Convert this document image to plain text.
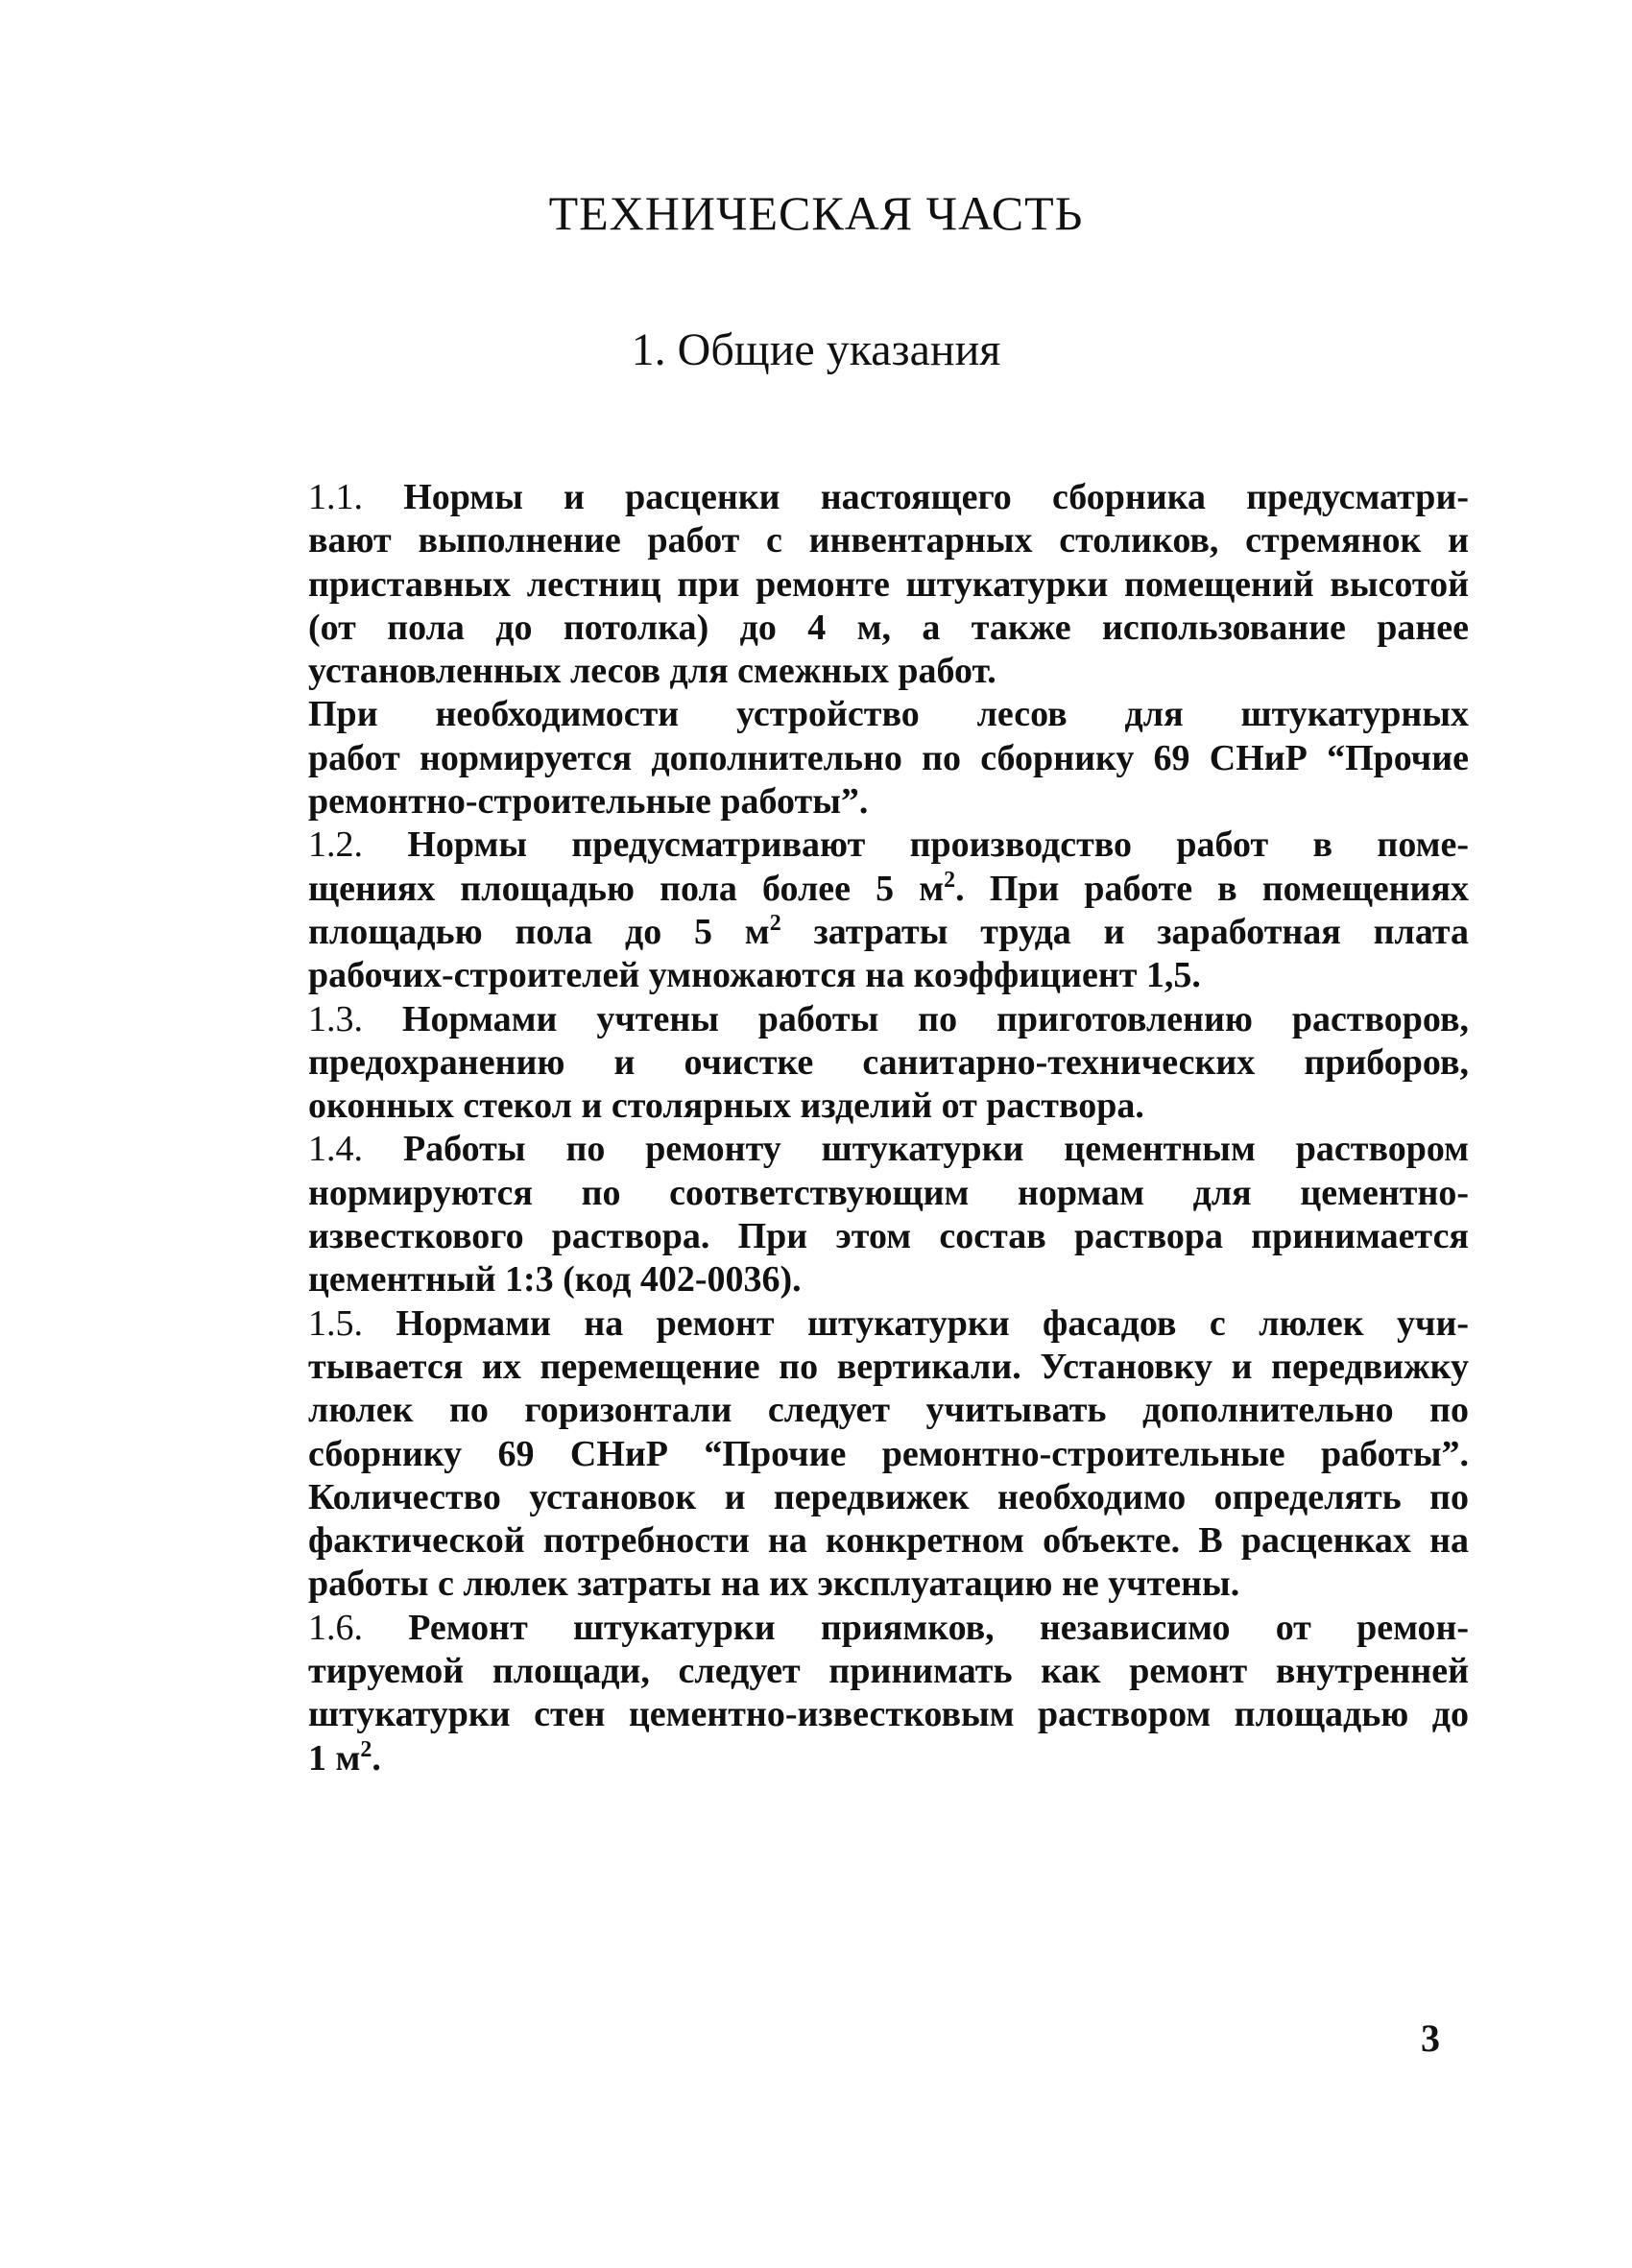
ТЕХНИЧЕСКАЯ ЧАСТЬ
1. Общие указания

1.1. Нормы и расценки настоящего сборника предусматри-
вают выполнение работ с инвентарных столиков, стремянок и
приставных лестниц при ремонте штукатурки помещений высотой
(от пола до потолка) до 4 м, а также использование ранее
установленных лесов для смежных работ.

При необходимости устройство лесов для штукатурных
работ нормируется дополнительно по сборнику 69 СНиР “Прочие
ремонтно-строительные работы”.

1.2. Нормы предусматривают производство работ в поме-
щениях площадью пола более 5 $м^2$. При работе в помещениях
площадью пола до 5 $м^2$ затраты труда и заработная плата
рабочих-строителей умножаются на коэффициент 1,5.

1.3. Нормами учтены работы по приготовлению растворов,
предохранению и очистке санитарно-технических приборов,
оконных стекол и столярных изделий от раствора.

1.4. Работы по ремонту штукатурки цементным раствором
нормируются по соответствующим нормам для цементно-
известкового раствора. При этом состав раствора принимается
цементный 1:3 (код 402-0036).

1.5. Нормами на ремонт штукатурки фасадов с люлек учи-
тывается их перемещение по вертикали. Установку и передвижку
люлек по горизонтали следует учитывать дополнительно по
сборнику 69 СНиР “Прочие ремонтно-строительные работы”.
Количество установок и передвижек необходимо определять по
фактической потребности на конкретном объекте. В расценках на
работы с люлек затраты на их эксплуатацию не учтены.

1.6. Ремонт штукатурки приямков, независимо от ремон-
тируемой площади, следует принимать как ремонт внутренней
штукатурки стен цементно-известковым раствором площадью до
1 $м^2$.

3
